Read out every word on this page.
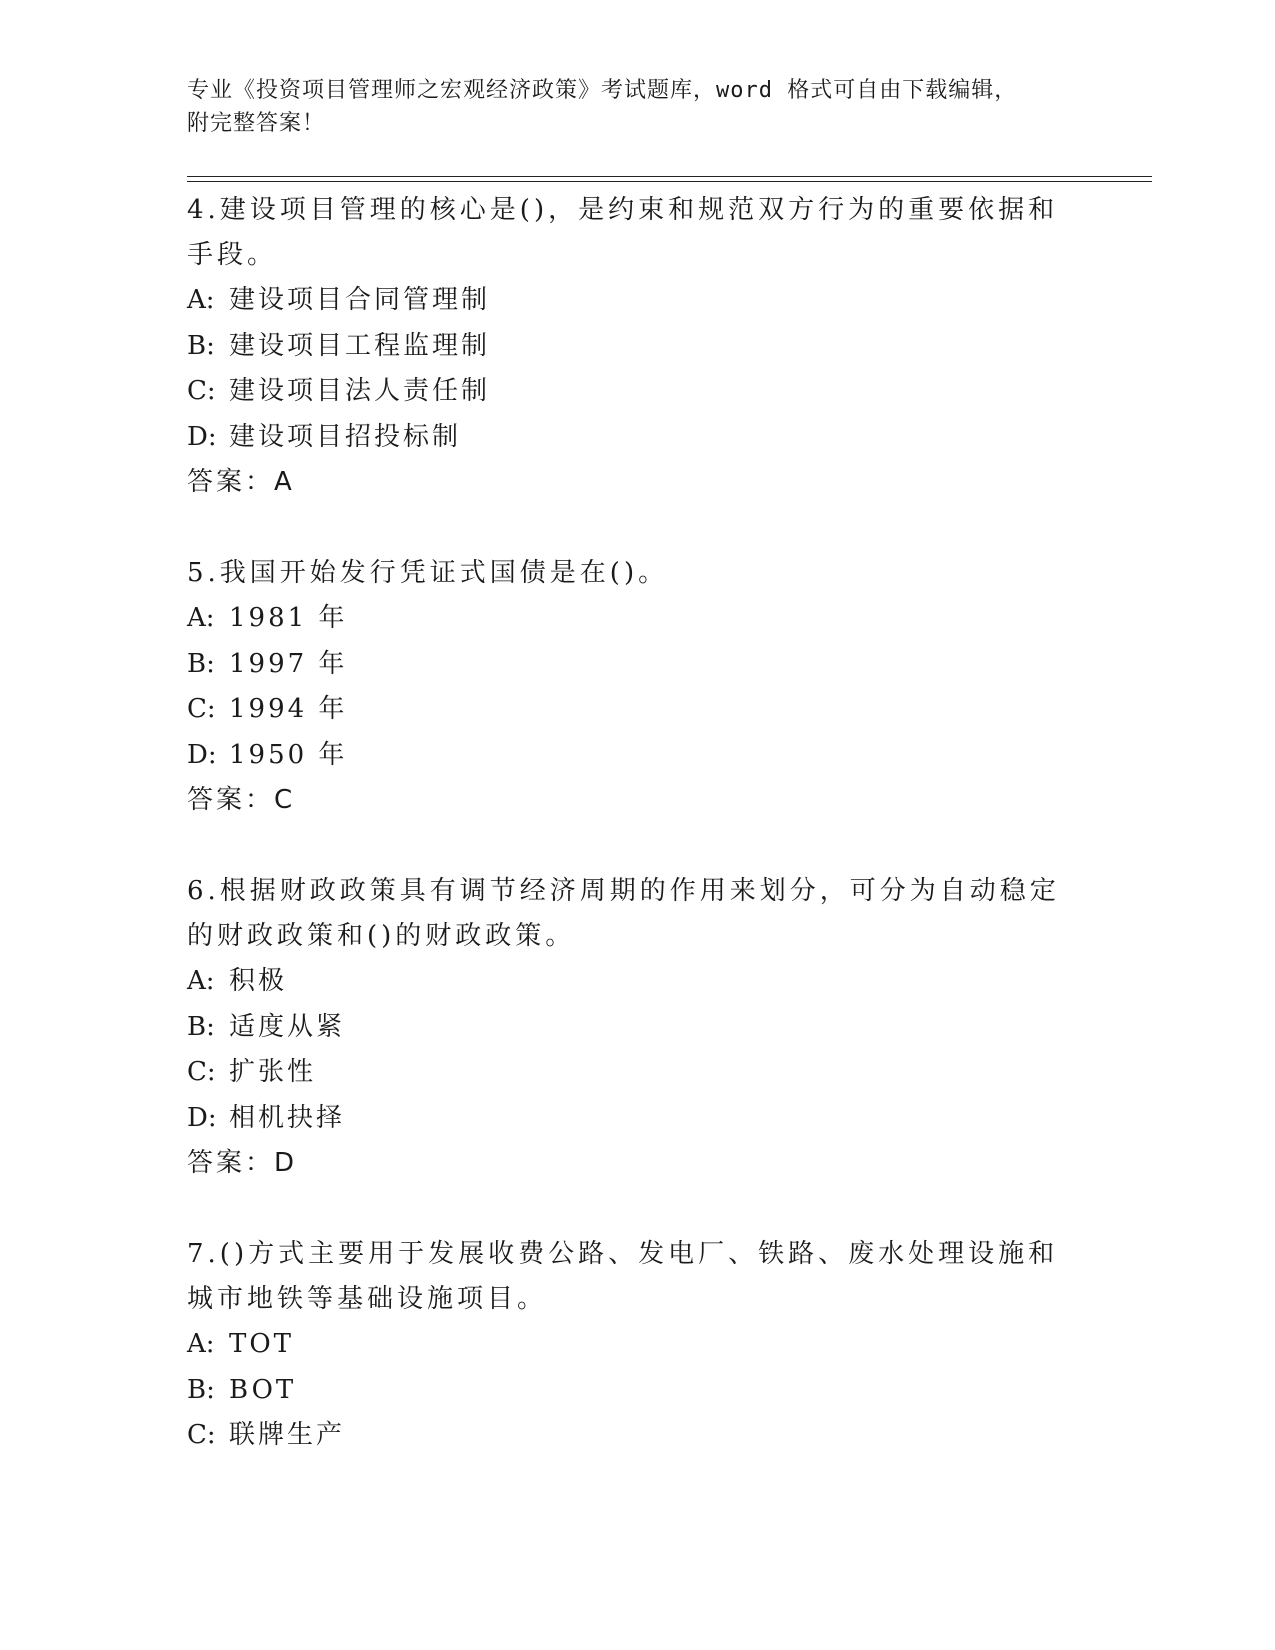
专业《投资项目管理师之宏观经济政策》考试题库，word 格式可自由下载编辑，
附完整答案！

4.建设项目管理的核心是()，是约束和规范双方行为的重要依据和手段。

A: 建设项目合同管理制

B: 建设项目工程监理制

C: 建设项目法人责任制

D: 建设项目招投标制

答案：A

5.我国开始发行凭证式国债是在()。

A: 1981 年

B: 1997 年

C: 1994 年

D: 1950 年

答案：C

6.根据财政政策具有调节经济周期的作用来划分，可分为自动稳定的财政政策和()的财政政策。

A: 积极

B: 适度从紧

C: 扩张性

D: 相机抉择

答案：D

7.()方式主要用于发展收费公路、发电厂、铁路、废水处理设施和城市地铁等基础设施项目。

A: TOT

B: BOT

C: 联牌生产
